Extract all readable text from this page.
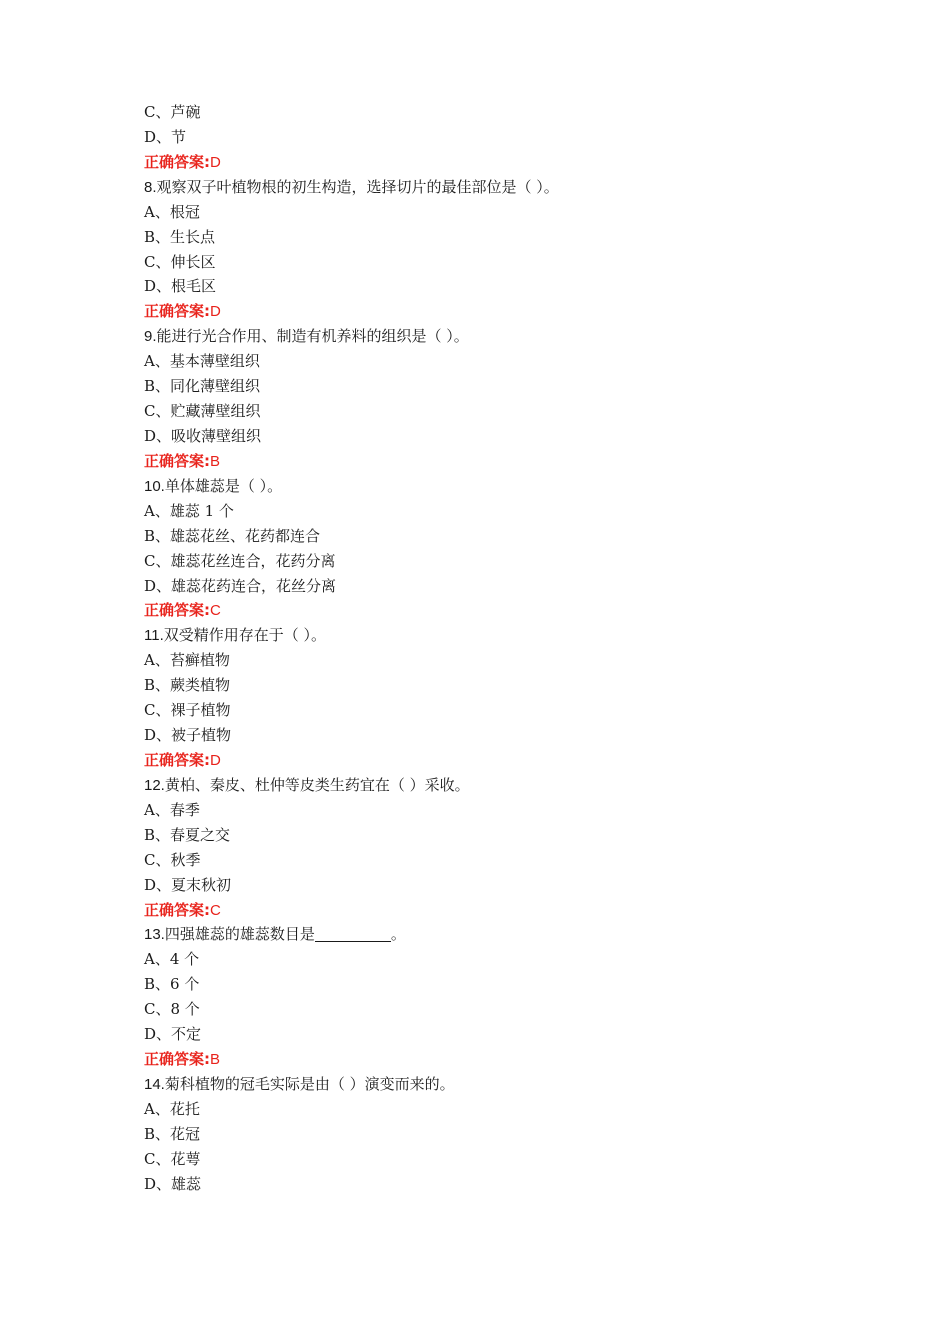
C、芦碗
D、节
正确答案:D
8.观察双子叶植物根的初生构造，选择切片的最佳部位是（ ）。
A、根冠
B、生长点
C、伸长区
D、根毛区
正确答案:D
9.能进行光合作用、制造有机养料的组织是（ ）。
A、基本薄壁组织
B、同化薄壁组织
C、贮藏薄壁组织
D、吸收薄壁组织
正确答案:B
10.单体雄蕊是（ ）。
A、雄蕊 1 个
B、雄蕊花丝、花药都连合
C、雄蕊花丝连合，花药分离
D、雄蕊花药连合，花丝分离
正确答案:C
11.双受精作用存在于（ ）。
A、苔癣植物
B、蕨类植物
C、裸子植物
D、被子植物
正确答案:D
12.黄柏、秦皮、杜仲等皮类生药宜在（ ）采收。
A、春季
B、春夏之交
C、秋季
D、夏末秋初
正确答案:C
13.四强雄蕊的雄蕊数目是	。
A、4 个
B、6 个
C、8 个
D、不定
正确答案:B
14.菊科植物的冠毛实际是由（ ）演变而来的。
A、花托
B、花冠
C、花萼
D、雄蕊
